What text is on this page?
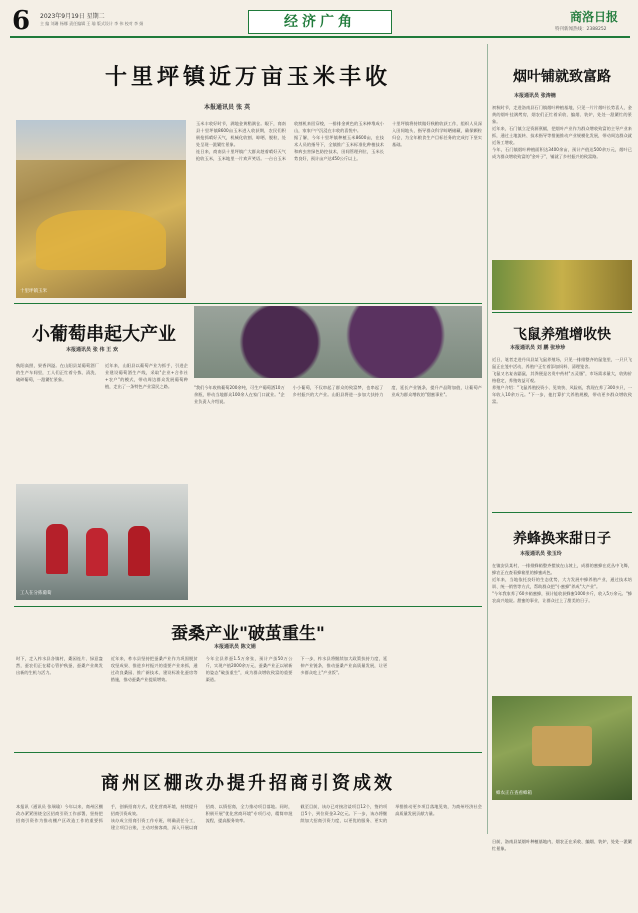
6 2023年9月19日 星期二
主 编 刘珊 杨娜 责任编辑 王 瑜 版式设计 李 伟 校对 李 娟	经济广角	商洛日报
特刊新闻热线：2388252
十里坪镇近万亩玉米丰收
本报通讯员 张 英
十里坪镇玉米

玉米丰收好时节，满地金黄稻满仓。眼下，商南县十里坪镇8600亩玉米进入收获期，农民们积极抢抓晴好天气，机械化收割、晾晒、脱粒，处处呈现一派繁忙景象。

连日来，商南县十里坪镇广大群众趁着晴好天气抢收玉米，玉米地里一片欢声笑语。一台台玉米收割机来回穿梭，一排排金黄色的玉米棒堆成小山，家家户户沉浸在丰收的喜悦中。

据了解，今年十里坪镇种植玉米8600亩，在技术人员的指导下，全镇推广玉米标准化种植技术和病虫害绿色防控技术，田间管理到位，玉米长势良好，预计亩产达450公斤以上。

十里坪镇将持续做好秋粮收获工作，组织人员深入田间地头，指导群众科学晾晒储藏，确保颗粒归仓，为全年粮食生产目标任务的完成打下坚实基础。

烟叶铺就致富路
本报通讯员 张涛楠

初秋时节，走进洛南县石门镇烟叶种植基地，只见一片片烟叶长势喜人，金黄的烟叶挂满烤房，烟农们正忙着采收、编烟、装炉，处处一派繁忙的景象。

近年来，石门镇立足资源禀赋，把烟叶产业作为群众增收致富的主导产业来抓，通过土地流转、技术指导等措施推动产业规模化发展，带动周边群众就近务工增收。

今年，石门镇烟叶种植面积达3400余亩，预计产值达500余万元，烟叶已成为群众增收致富的"金叶子"，铺就了乡村振兴的致富路。

小葡萄串起大产业
本报通讯员 张 伟 王 欢

秋阳高照，果香四溢。在山阳县某葡萄酒厂的生产车间里，工人们正忙着分拣、清洗、破碎葡萄，一派繁忙景象。

近年来，山阳县以葡萄产业为抓手，引进企业建设葡萄酒生产线，采取"企业+合作社+农户"的模式，带动周边群众发展葡萄种植，走出了一条特色产业富民之路。	"我们今年收购葡萄200余吨，可生产葡萄酒10万余瓶，带动当地群众100余人在家门口就业。"企业负责人介绍说。

小小葡萄，不仅串起了群众的致富梦，也串起了乡村振兴的大产业。山阳县将进一步加大扶持力度，延长产业链条，提升产品附加值，让葡萄产业成为群众增收的"甜蜜事业"。

工人在分拣葡萄
飞鼠养殖增收快
本报通讯员 刘 鹏 张珍珍

近日，笔者走进丹凤县某飞鼠养殖场，只见一排排整齐的鼠笼里，一只只飞鼠正在笼中活动，养殖户正忙着添加饲料、清理笼舍。

飞鼠又名复齿鼯鼠，其粪便是名贵中药材"五灵脂"，市场需求量大，收购价格稳定，养殖效益可观。

养殖户介绍："飞鼠养殖投资小、见效快、风险低，我现在养了300多只，一年收入10余万元。"下一步，他打算扩大养殖规模，带动更多群众增收致富。

养蜂换来甜日子
本报通讯员 张玉玲

在镇安县某村，一排排蜂箱整齐摆放在山坡上，成群的蜜蜂在花丛中飞舞，蜂农正在查看蜂箱里的蜂蜜成色。

近年来，当地依托良好的生态优势，大力发展中蜂养殖产业，通过技术培训、统一销售等方式，帮助群众把"小蜜蜂"养成"大产业"。

"今年我家养了60多箱蜜蜂，预计能收获蜂蜜1000多斤，收入5万余元。"蜂农高兴地说。甜蜜的事业，让群众过上了甜美的日子。

蜂农正在查看蜂箱
蚕桑产业"破茧重生"
本报通讯员 陈文娟

时下，走入柞水县各镇村，桑园连片、绿意盎然，蚕农们正在精心管护秋蚕，蚕桑产业焕发出新的生机与活力。

近年来，柞水县坚持把蚕桑产业作为巩固脱贫攻坚成果、推进乡村振兴的重要产业来抓，通过改良桑园、推广新技术、建设标准化蚕房等措施，推动蚕桑产业提质增效。

今年全县养蚕1.5万余张，预计产茧50万公斤，实现产值2000余万元，蚕桑产业正以崭新的姿态"破茧重生"，成为群众增收致富的重要渠道。

下一步，柞水县将继续加大政策扶持力度，延伸产业链条，推动蚕桑产业高质量发展，让更多群众吃上"产业饭"。

商州区棚改办提升招商引资成效

本报讯（通讯员 张瑞瑜）今年以来，商州区棚改办紧紧围绕全区招商引资工作部署，坚持把招商引资作为推动棚户区改造工作的重要抓手，创新招商方式，优化营商环境，持续提升招商引资成效。

该办成立招商引资工作专班，明确责任分工，建立项目台账，主动对接客商，深入开展以商招商、以情招商，全力推动项目落地。同时，积极开展"优化营商环境"专项行动，精简审批流程，提高服务效率。

截至目前，该办已对接洽谈项目12个，签约项目5个，到位资金3.2亿元。下一步，该办将继续加大招商引资力度，以更优的服务、更实的举措推动更多项目落地见效，为商州经济社会高质量发展贡献力量。

日前，洛南县某烟叶种植基地内，烟农正在采收、编烟、装炉，处处一派繁忙景象。
